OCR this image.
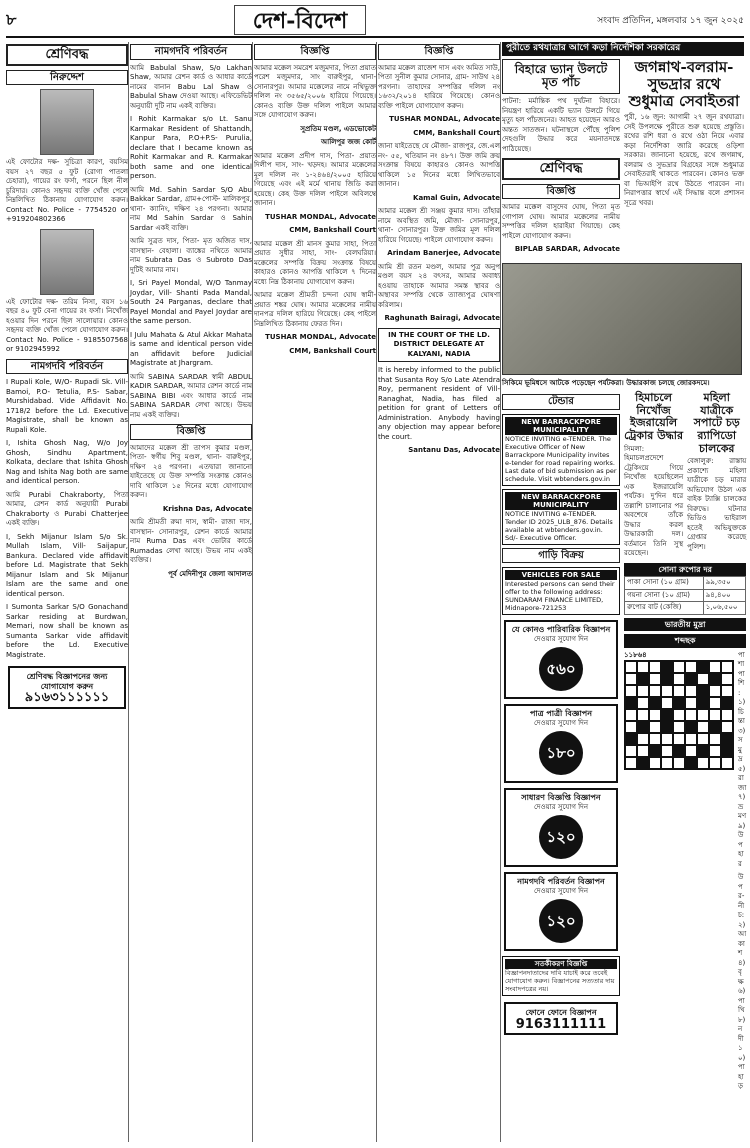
৮	দেশ-বিদেশ	সংবাদ প্রতিদিন, মঙ্গলবার ১৭ জুন ২০২৫
শ্রেণিবদ্ধ
নিরুদ্দেশ

এই ফোটোর দক্ষ- সুচিত্রা কারণ, বয়সিম বয়স ২৭ বছর ৫ ফুট (রোগা পাতলা চেহারা), গায়ের রং ফর্সা, পরনে ছিল নীল চুরিদার। কোনও সহৃদয় ব্যক্তি খোঁজ পেলে নিম্নলিখিত ঠিকানায় যোগাযোগ করুন। Contact No. Police - 7754520 or +919204802366

এই ফোটোর দক্ষ- তরিম নিসা, বয়স ১৬ বছর ৪০ ফুট বেনা গায়ের রং ফর্সা। নিখোঁজ হওয়ার দিন পরনে ছিল সালোয়ার। কোনও সহৃদয় ব্যক্তি খোঁজ পেলে যোগাযোগ করুন। Contact No. Police - 9185507568 or 9102945992

নামগদবি পরিবর্তন

I Rupali Kole, W/O- Rupadi Sk. Vill- Bamoi, P.O- Tetulia, P.S- Sabar, Murshidabad. Vide Affidavit No. 1718/2 before the Ld. Executive Magistrate, shall be known as Rupali Kole.

I, Ishita Ghosh Nag, W/o Joy Ghosh, Sindhu Apartment, Kolkata, declare that Ishita Ghosh Nag and Ishita Nag both are same and identical person.

আমি Purabi Chakraborty, পিতা আমার, রেশন কার্ড অনুযায়ী Purabi Chakraborty ও Purabi Chatterjee একই ব্যক্তি।

I, Sekh Mijanur Islam S/o Sk. Mullah Islam, Vill- Saijapur, Bankura. Declared vide affidavit before Ld. Magistrate that Sekh Mijanur Islam and Sk Mijanur Islam are the same and one identical person.

I Sumonta Sarkar S/O Gonachand Sarkar residing at Burdwan, Memari, now shall be known as Sumanta Sarkar vide affidavit before the Ld. Executive Magistrate.

শ্রেণিবদ্ধ বিজ্ঞাপনের জন্য যোগাযোগ করুন
৯১৬৩১১১১১১
নামগদবি পরিবর্তন

আমি Babulal Shaw, S/o Lakhan Shaw, আমার রেশন কার্ড ও আধার কার্ডে নামের বানান Babu Lal Shaw ও Babulal Shaw দেওয়া আছে। এফিডেভিট অনুযায়ী দুটি নাম একই ব্যক্তির।

I Rohit Karmakar s/o Lt. Sanu Karmakar Resident of Shattandh, Kanpur Para, P.O+P.S- Purulia, declare that I became known as Rohit Karmakar and R. Karmakar both same and one identical person.

আমি Md. Sahin Sardar S/O Abu Bakkar Sardar, গ্রাম+পোস্ট- মালিকপুর, থানা- ক্যানিং, দক্ষিণ ২৪ পরগনা। আমার নাম Md Sahin Sardar ও Sahin Sardar একই ব্যক্তি।

আমি সুব্রত দাস, পিতা- মৃত অজিত দাস, বাসস্থান- বেহালা। ব্যাঙ্কের নথিতে আমার নাম Subrata Das ও Subroto Das দুটিই আমার নাম।

I, Sri Payel Mondal, W/O Tanmay Joydar, Vill- Shanti Pada Mandal, South 24 Parganas, declare that Payel Mondal and Payel Joydar are the same person.

I Julu Mahata & Atul Akkar Mahata is same and identical person vide an affidavit before Judicial Magistrate at Jhargram.

আমি SABINA SARDAR স্বামী ABDUL KADIR SARDAR, আমার রেশন কার্ডে নাম SABINA BIBI এবং আধার কার্ডে নাম SABINA SARDAR লেখা আছে। উভয় নাম একই ব্যক্তির।

বিজ্ঞপ্তি

আমাদের মক্কেল শ্রী তাপস কুমার মণ্ডল, পিতা- স্বর্গীয় শিবু মণ্ডল, থানা- বারুইপুর, দক্ষিণ ২৪ পরগনা। এতদ্বারা জানানো যাইতেছে যে উক্ত সম্পত্তি সংক্রান্ত কোনও দাবি থাকিলে ১৫ দিনের মধ্যে যোগাযোগ করুন।

Krishna Das, Advocate

আমি শ্রীমতী রুমা দাস, স্বামী- রাজা দাস, বাসস্থান- সোনারপুর, রেশন কার্ডে আমার নাম Ruma Das এবং ভোটার কার্ডে Rumadas লেখা আছে। উভয় নাম একই ব্যক্তির।

পূর্ব মেদিনীপুর জেলা আদালত
বিজ্ঞপ্তি

আমার মক্কেল সমরেশ মজুমদার, পিতা প্রয়াত পরেশ মজুমদার, সাং বারুইপুর, থানা- সোনারপুর। আমার মক্কেলের নামে নথিভুক্ত দলিল নং ৩৫৬৫/২০০৬ হারিয়ে গিয়েছে। কোনও ব্যক্তি উক্ত দলিল পাইলে আমার সঙ্গে যোগাযোগ করুন।

সুপ্রতিম মণ্ডল, এডভোকেট
আলিপুর জজ কোর্ট

আমার মক্কেল প্রদীপ দাস, পিতা- প্রয়াত দিলীপ দাস, সাং- খড়দহ। আমার মক্কেলের মূল দলিল নং ১-২৪৬৪/২০০৫ হারিয়ে গিয়েছে এবং এই মর্মে থানায় জিডি করা হয়েছে। কেহ উক্ত দলিল পাইলে অবিলম্বে জানান।

TUSHAR MONDAL, Advocate
CMM, Bankshall Court

আমার মক্কেল শ্রী মানস কুমার সাহা, পিতা প্রয়াত সুধীর সাহা, সাং- বেলঘরিয়া। মক্কেলের সম্পত্তি বিক্রয় সংক্রান্ত বিষয়ে কাহারও কোনও আপত্তি থাকিলে ৭ দিনের মধ্যে নিম্ন ঠিকানায় যোগাযোগ করুন।

আমার মক্কেল শ্রীমতী চন্দনা ঘোষ স্বামী- প্রয়াত শঙ্কর ঘোষ। আমার মক্কেলের নামীয় দানপত্র দলিল হারিয়ে গিয়েছে। কেহ পাইলে নিম্নলিখিত ঠিকানায় ফেরত দিন।

TUSHAR MONDAL, Advocate
CMM, Bankshall Court
বিজ্ঞপ্তি

আমার মক্কেল রাজেশ দাস এবং অমিত সাউ, পিতা সুনীল কুমার সোনার, গ্রাম- সাউথ ২৪ পরগনা। তাহাদের সম্পত্তির দলিল নং ১৬৩২/২০১৪ হারিয়ে গিয়েছে। কোনও ব্যক্তি পাইলে যোগাযোগ করুন।

TUSHAR MONDAL, Advocate
CMM, Bankshall Court

জানা যাইতেছে যে মৌজা- রাজপুর, জে.এল নং- ৫৫, খতিয়ান নং ৪৮৭। উক্ত জমি ক্রয় সংক্রান্ত বিষয়ে কাহারও কোনও আপত্তি থাকিলে ১৫ দিনের মধ্যে লিখিতভাবে জানান।

Kamal Guin, Advocate

আমার মক্কেল শ্রী সঞ্জয় কুমার দাস। তাঁহার নামে অবস্থিত জমি, মৌজা- সোনারপুর, থানা- সোনারপুর। উক্ত জমির মূল দলিল হারিয়ে গিয়েছে। পাইলে যোগাযোগ করুন।

Arindam Banerjee, Advocate

আমি শ্রী রতন মণ্ডল, আমার পুত্র অনুপ মণ্ডল বয়স ২৪ বৎসর, আমার অবাধ্য হওয়ায় তাহাকে আমার সমস্ত স্থাবর ও অস্থাবর সম্পত্তি থেকে ত্যাজ্যপুত্র ঘোষণা করিলাম।

Raghunath Bairagi, Advocate
IN THE COURT OF THE LD. DISTRICT DELEGATE AT KALYANI, NADIA

It is hereby informed to the public that Susanta Roy S/o Late Atendra Roy, permanent resident of Vill- Ranaghat, Nadia, has filed a petition for grant of Letters of Administration. Anybody having any objection may appear before the court.

Santanu Das, Advocate
পুরীতে রথযাত্রার আগে কড়া নির্দেশিকা সরকারের
বিহারে ভ্যান উলটে মৃত পাঁচ

পাটনা: মর্মান্তিক পথ দুর্ঘটনা বিহারে। নিয়ন্ত্রণ হারিয়ে একটি ভ্যান উলটে গিয়ে মৃত্যু হল পাঁচজনের। আহত হয়েছেন আরও অন্তত সাতজন। ঘটনাস্থলে পৌঁছে পুলিশ দেহগুলি উদ্ধার করে ময়নাতদন্তে পাঠিয়েছে।

শ্রেণিবদ্ধ
বিজ্ঞপ্তি

আমার মক্কেল বাসুদেব ঘোষ, পিতা মৃত গোপাল ঘোষ। আমার মক্কেলের নামীয় সম্পত্তির দলিল হারাইয়া গিয়াছে। কেহ পাইলে যোগাযোগ করুন।

BIPLAB SARDAR, Advocate
জগন্নাথ-বলরাম-সুভদ্রার রথে শুধুমাত্র সেবাইতরা

পুরী, ১৬ জুন: আগামী ২৭ জুন রথযাত্রা। সেই উপলক্ষে পুরীতে শুরু হয়েছে প্রস্তুতি। রথের রশি ধরা ও রথে ওঠা নিয়ে এবার কড়া নির্দেশিকা জারি করেছে ওড়িশা সরকার। জানানো হয়েছে, রথে জগন্নাথ, বলরাম ও সুভদ্রার বিগ্রহের সঙ্গে শুধুমাত্র সেবাইতরাই থাকতে পারবেন। কোনও ভক্ত বা ভিআইপি রথে উঠতে পারবেন না। নিরাপত্তার স্বার্থে এই সিদ্ধান্ত বলে প্রশাসন সূত্রে খবর।

সিকিমে ভূমিধসে আটকে পড়েছেন পর্যটকরা। উদ্ধারকাজ চলছে জোরকদমে।
টেন্ডার
NEW BARRACKPORE MUNICIPALITY
NOTICE INVITING e-TENDER. The Executive Officer of New Barrackpore Municipality invites e-tender for road repairing works. Last date of bid submission as per schedule. Visit wbtenders.gov.in
NEW BARRACKPORE MUNICIPALITY
NOTICE INVITING e-TENDER. Tender ID 2025_ULB_876. Details available at wbtenders.gov.in. Sd/- Executive Officer.
গাড়ি বিক্রয়
VEHICLES FOR SALE
Interested persons can send their offer to the following address: SUNDARAM FINANCE LIMITED, Midnapore-721253
যে কোনও পারিবারিক বিজ্ঞাপন
দেওয়ার সুযোগ দিন
৫৬০
পাত্র পাত্রী বিজ্ঞাপন
দেওয়ার সুযোগ দিন
১৮০
সাধারণ বিজ্ঞপ্তি বিজ্ঞাপন
দেওয়ার সুযোগ দিন
১২০
নামগদবি পরিবর্তন বিজ্ঞাপন
দেওয়ার সুযোগ দিন
১২০
সতর্কীকরণ বিজ্ঞপ্তি
বিজ্ঞাপনদাতাদের দাবি যাচাই করে তবেই যোগাযোগ করুন। বিজ্ঞাপনের সত্যতার দায় সংবাদপত্রের নয়।
ফোনে ফোনে বিজ্ঞাপন
9163111111
হিমাচলে নিখোঁজ ইজরায়েলি ট্রেকার উদ্ধার

সিমলা: হিমাচলপ্রদেশে ট্রেকিংয়ে গিয়ে নিখোঁজ হয়েছিলেন এক ইজরায়েলি পর্যটক। দু'দিন ধরে তল্লাশি চালানোর পর অবশেষে তাঁকে উদ্ধার করল উদ্ধারকারী দল। বর্তমানে তিনি সুস্থ রয়েছেন।

মহিলা যাত্রীকে সপাটে চড় র‌্যাপিডো চালকের

বেঙ্গালুরু: রাস্তায় প্রকাশ্যে মহিলা যাত্রীকে চড় মারার অভিযোগ উঠল এক বাইক ট্যাক্সি চালকের বিরুদ্ধে। ঘটনার ভিডিও ভাইরাল হতেই অভিযুক্তকে গ্রেপ্তার করেছে পুলিশ।

সোনা রুপোর দর
পাকা সোনা (১০ গ্রাম)	৯৯,৩৫০
গয়না সোনা (১০ গ্রাম)	৯৪,৪০০
রুপোর বাট (কেজি)	১,০৬,৫০০
ভারতীয় মুদ্রা
শব্দছক
১১৮৬৪	পাশাপাশি: ১) চিন্তা ৩) সমুদ্র ৫) রাজা ৭) ভ্রমণ ৯) উপহার

উপর-নীচ: ২) আকাশ ৪) বৃক্ষ ৬) পাখি ৮) নদী ১০) পাহাড়
